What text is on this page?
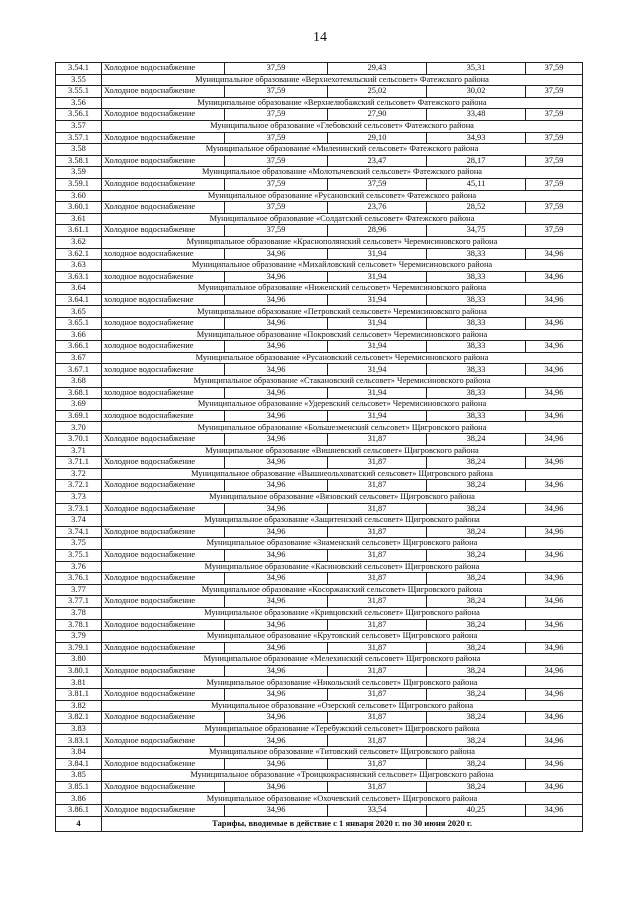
14
3.54.1	Холодное водоснабжение	37,59	29,43	35,31	37,59
3.55	Муниципальное образование «Верхнехотемльский сельсовет» Фатежского района				
3.55.1	Холодное водоснабжение	37,59	25,02	30,02	37,59
3.56	Муниципальное образование «Верхнелюбажский сельсовет» Фатежского района				
3.56.1	Холодное водоснабжение	37,59	27,90	33,48	37,59
3.57	Муниципальное образование «Глебовский сельсовет» Фатежского района				
3.57.1	Холодное водоснабжение	37,59	29,10	34,93	37,59
3.58	Муниципальное образование «Миленинский сельсовет» Фатежского района				
3.58.1	Холодное водоснабжение	37,59	23,47	28,17	37,59
3.59	Муниципальное образование «Молотычевский сельсовет» Фатежского района				
3.59.1	Холодное водоснабжение	37,59	37,59	45,11	37,59
3.60	Муниципальное образование «Русановский сельсовет» Фатежского района				
3.60.1	Холодное водоснабжение	37,59	23,76	28,52	37,59
3.61	Муниципальное образование «Солдатский сельсовет» Фатежского района				
3.61.1	Холодное водоснабжение	37,59	28,96	34,75	37,59
3.62	Муниципальное образование «Краснополянский сельсовет» Черемисиновского района				
3.62.1	холодное водоснабжение	34,96	31,94	38,33	34,96
3.63	Муниципальное образование «Михайловский сельсовет» Черемисиновского района				
3.63.1	холодное водоснабжение	34,96	31,94	38,33	34,96
3.64	Муниципальное образование «Ниженский сельсовет» Черемисиновского района				
3.64.1	холодное водоснабжение	34,96	31,94	38,33	34,96
3.65	Муниципальное образование «Петровский сельсовет» Черемисиновского района				
3.65.1	холодное водоснабжение	34,96	31,94	38,33	34,96
3.66	Муниципальное образование «Покровский сельсовет» Черемисиновского района				
3.66.1	холодное водоснабжение	34,96	31,94	38,33	34,96
3.67	Муниципальное образование «Русановский сельсовет» Черемисиновского района				
3.67.1	холодное водоснабжение	34,96	31,94	38,33	34,96
3.68	Муниципальное образование «Стакановский сельсовет» Черемисиновского района				
3.68.1	холодное водоснабжение	34,96	31,94	38,33	34,96
3.69	Муниципальное образование «Удеревский сельсовет» Черемисиновского района				
3.69.1	холодное водоснабжение	34,96	31,94	38,33	34,96
3.70	Муниципальное образование «Большезменский сельсовет» Щигровского района				
3.70.1	Холодное водоснабжение	34,96	31,87	38,24	34,96
3.71	Муниципальное образование «Вишневский сельсовет» Щигровского района				
3.71.1	Холодное водоснабжение	34,96	31,87	38,24	34,96
3.72	Муниципальное образование «Вышнеольховатский сельсовет» Щигровского района				
3.72.1	Холодное водоснабжение	34,96	31,87	38,24	34,96
3.73	Муниципальное образование «Вязовский сельсовет» Щигровского района				
3.73.1	Холодное водоснабжение	34,96	31,87	38,24	34,96
3.74	Муниципальное образование «Защитенский сельсовет» Щигровского района				
3.74.1	Холодное водоснабжение	34,96	31,87	38,24	34,96
3.75	Муниципальное образование «Знаменский сельсовет» Щигровского района				
3.75.1	Холодное водоснабжение	34,96	31,87	38,24	34,96
3.76	Муниципальное образование «Касиновский сельсовет» Щигровского района				
3.76.1	Холодное водоснабжение	34,96	31,87	38,24	34,96
3.77	Муниципальное образование «Косоржанский сельсовет» Щигровского района				
3.77.1	Холодное водоснабжение	34,96	31,87	38,24	34,96
3.78	Муниципальное образование «Кривцовский сельсовет» Щигровского района				
3.78.1	Холодное водоснабжение	34,96	31,87	38,24	34,96
3.79	Муниципальное образование «Крутовский сельсовет» Щигровского района				
3.79.1	Холодное водоснабжение	34,96	31,87	38,24	34,96
3.80	Муниципальное образование «Мелехинский сельсовет» Щигровского района				
3.80.1	Холодное водоснабжение	34,96	31,87	38,24	34,96
3.81	Муниципальное образование «Никольский сельсовет» Щигровского района				
3.81.1	Холодное водоснабжение	34,96	31,87	38,24	34,96
3.82	Муниципальное образование «Озерский сельсовет» Щигровского района				
3.82.1	Холодное водоснабжение	34,96	31,87	38,24	34,96
3.83	Муниципальное образование «Теребужский сельсовет» Щигровского района				
3.83.1	Холодное водоснабжение	34,96	31,87	38,24	34,96
3.84	Муниципальное образование «Титовский сельсовет» Щигровского района				
3.84.1	Холодное водоснабжение	34,96	31,87	38,24	34,96
3.85	Муниципальное образование «Троицкокраснянский сельсовет» Щигровского района				
3.85.1	Холодное водоснабжение	34,96	31,87	38,24	34,96
3.86	Муниципальное образование «Охочевский сельсовет» Щигровского района				
3.86.1	Холодное водоснабжение	34,96	33,54	40,25	34,96
4	Тарифы, вводимые в действие с 1 января 2020 г. по 30 июня 2020 г.				
